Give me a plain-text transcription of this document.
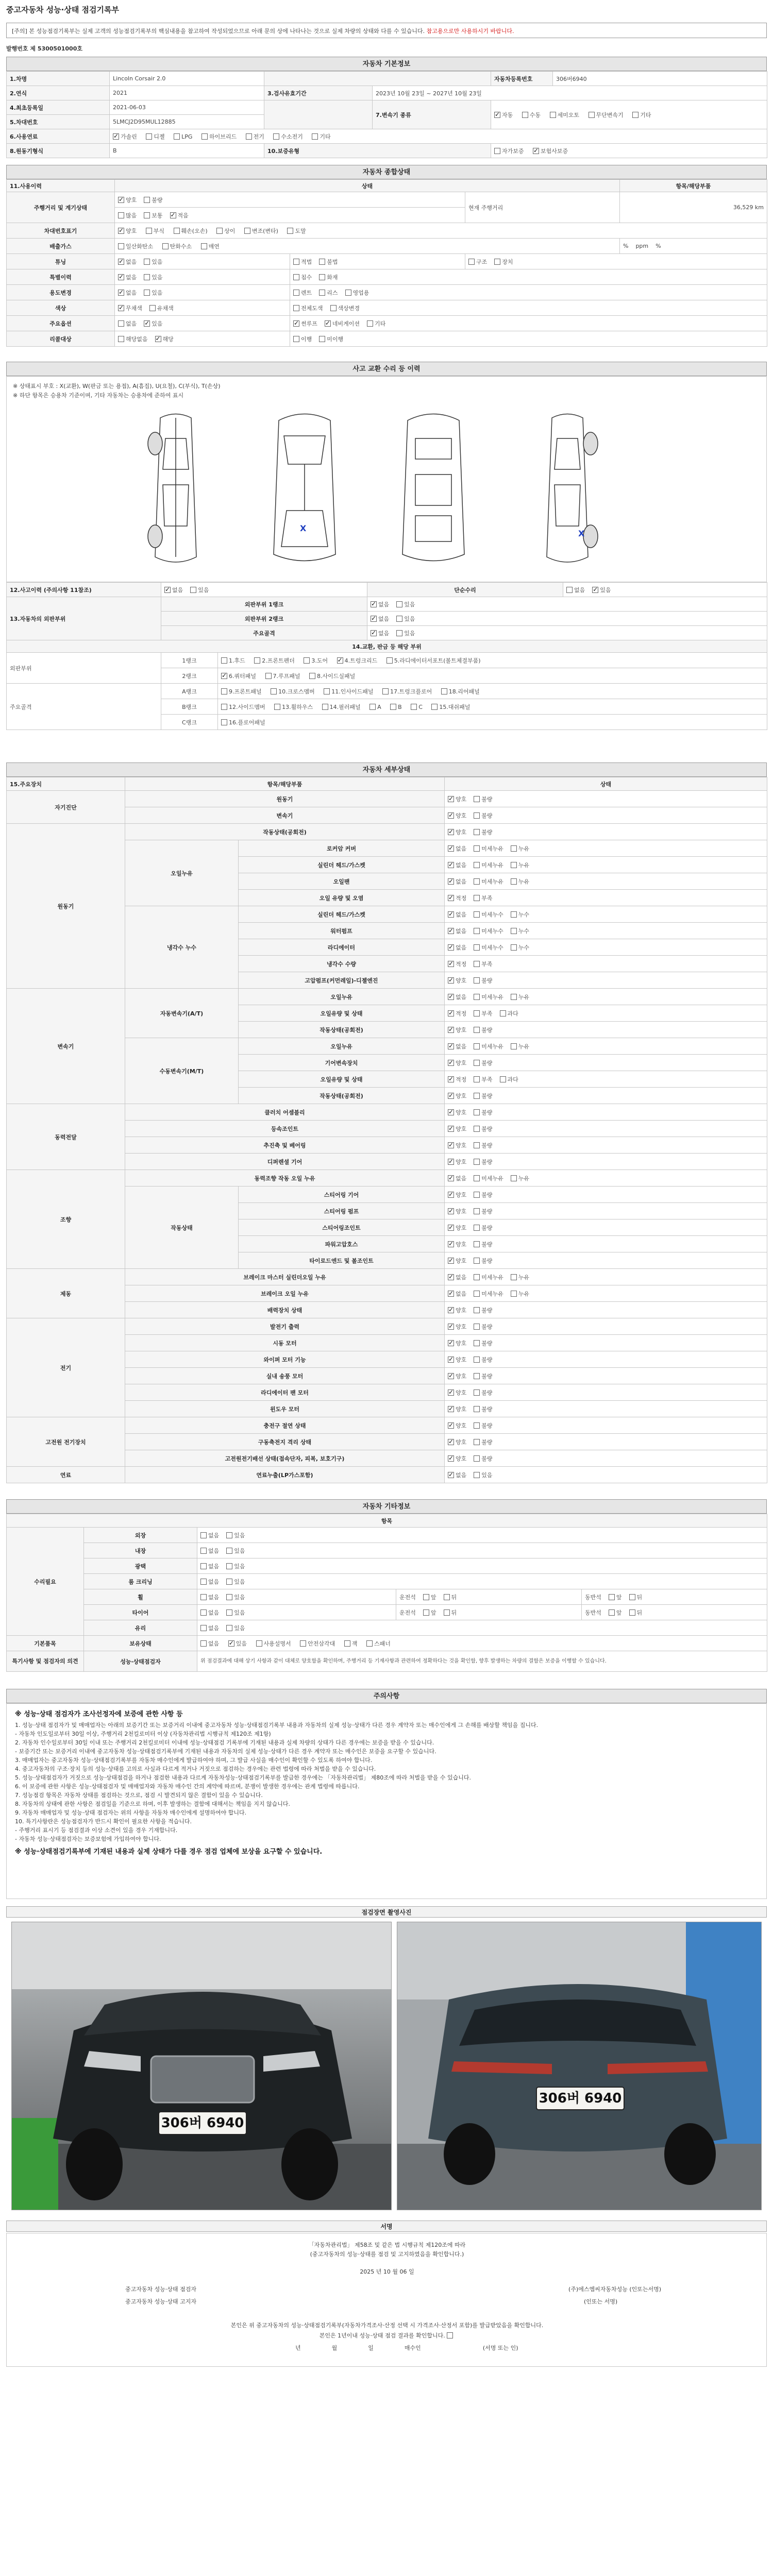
중고자동차 성능·상태 점검기록부
[주의] 본 성능점검기록부는 실제 고객의 성능점검기록부의 핵심내용을 참고하여 작성되었으므로 아래 문의 상에 나타나는 것으로 실제 차량의 상태와 다를 수 있습니다. 참고용으로만 사용하시기 바랍니다.
발행번호 제 5300501000호
자동차 기본정보
1.차명	Lincoln Corsair 2.0			자동차등록번호	306버6940
2.연식	2021	3.검사유효기간	2023년 10월 23일 ~ 2027년 10월 23일		
4.최초등록일	2021-06-03		7.변속기 종류	✓자동 수동 세미오토 무단변속기 기타
5.차대번호	5LMCJ2D95MUL12885				
6.사용연료	✓가솔린 디젤 LPG 하이브리드 전기 수소전기 기타
8.원동기형식	B	10.보증유형		자가보증 ✓ 보험사보증
자동차 종합상태
11.사용이력	상태			항목/해당부품
주행거리 및 계기상태	✓양호 불량		현재 주행거리	36,529 km
	많음 보통 ✓ 적음
차대번호표기	✓양호 부식 훼손(오손) 상이 변조(변타) 도말
배출가스	일산화탄소 탄화수소 매연			% ppm %
튜닝	✓없음 있음	적법 불법	구조 장치	
특별이력	✓없음 있음	침수 화재		
용도변경	✓없음 있음	렌트 리스 영업용		
색상	✓무채색 유채색	전체도색 색상변경		
주요옵션	없음 ✓ 있음	✓썬루프 ✓ 네비게이션 기타
리콜대상	해당없음 ✓ 해당	이행 미이행		
사고 교환 수리 등 이력
※ 상태표시 부호 : X(교환), W(판금 또는 용접), A(흠집), U(요철), C(부식), T(손상)
※ 하단 항목은 승용차 기준이며, 기타 자동차는 승용차에 준하여 표시
X
X
12.사고이력 (주의사항 11참조)	✓없음 있음		단순수리	없음 ✓ 있음
13.자동차의 외판부위	외판부위 1랭크	✓없음 있음
	외판부위 2랭크	✓없음 있음
	주요골격	✓없음 있음
14.교환, 판금 등 해당 부위				
외판부위	1랭크	1.후드 2.프론트펜더 3.도어 ✓ 4.트렁크리드 5.라디에이터서포트(볼트체결부품)
	2랭크	✓6.쿼터패널 7.루프패널 8.사이드실패널
주요골격	A랭크	9.프론트패널 10.크로스멤버 11.인사이드패널 17.트렁크플로어 18.리어패널		
	B랭크	12.사이드멤버 13.휠하우스 14.필러패널 A B C 15.대쉬패널		
	C랭크	16.플로어패널		
자동차 세부상태
15.주요장치	항목/해당부품		상태
자기진단	원동기	✓양호 불량
	변속기	✓양호 불량
원동기	작동상태(공회전)	✓양호 불량
	오일누유	로커암 커버	✓없음 미세누유 누유
		실린더 헤드/가스켓	✓없음 미세누유 누유
		오일팬	✓없음 미세누유 누유
		오일 유량 및 오염	✓적정 부족
	냉각수 누수	실린더 헤드/가스켓	✓없음 미세누수 누수
		워터펌프	✓없음 미세누수 누수
		라디에이터	✓없음 미세누수 누수
		냉각수 수량	✓적정 부족
		고압펌프(커먼레일)-디젤엔진	✓양호 불량
변속기	자동변속기(A/T)	오일누유	✓없음 미세누유 누유
		오일유량 및 상태	✓적정 부족 과다
		작동상태(공회전)	✓양호 불량
	수동변속기(M/T)	오일누유	✓없음 미세누유 누유
		기어변속장치	✓양호 불량
		오일유량 및 상태	✓적정 부족 과다
		작동상태(공회전)	✓양호 불량
동력전달	클러치 어셈블리	✓양호 불량
	등속조인트	✓양호 불량
	추진축 및 베어링	✓양호 불량
	디퍼렌셜 기어	✓양호 불량
조향	동력조향 작동 오일 누유	✓없음 미세누유 누유
	작동상태	스티어링 기어	✓양호 불량
		스티어링 펌프	✓양호 불량
		스티어링조인트	✓양호 불량
		파워고압호스	✓양호 불량
		타이로드엔드 및 볼조인트	✓양호 불량
제동	브레이크 마스터 실린더오일 누유	✓없음 미세누유 누유
	브레이크 오일 누유	✓없음 미세누유 누유
	배력장치 상태	✓양호 불량
전기	발전기 출력	✓양호 불량
	시동 모터	✓양호 불량
	와이퍼 모터 기능	✓양호 불량
	실내 송풍 모터	✓양호 불량
	라디에이터 팬 모터	✓양호 불량
	윈도우 모터	✓양호 불량
고전원 전기장치	충전구 절연 상태	✓양호 불량
	구동축전지 격리 상태	✓양호 불량
	고전원전기배선 상태(접속단자, 피복, 보호기구)	✓양호 불량
연료	연료누출(LP가스포함)	✓없음 있음
자동차 기타정보
항목				
수리필요	외장	없음 있음		
	내장	없음 있음		
	광택	없음 있음		
	룸 크리닝	없음 있음		
	휠	없음 있음	운전석 앞 뒤	동반석 앞 뒤
	타이어	없음 있음	운전석 앞 뒤	동반석 앞 뒤
	유리	없음 있음		
기본품목	보유상태	없음 ✓ 있음 사용설명서 안전삼각대 잭 스패너
특기사항 및 점검자의 의견	성능·상태점검자	위 점검결과에 대해 상기 사항과 같이 대체로 양호함을 확인하며, 주행거리 등 기재사항과 관련하여 정확하다는 것을 확인함, 향후 발생하는 차량의 결함은 보증을 이행할 수 있습니다.		
주의사항
※ 성능·상태 점검자가 조사선정자에 보증에 관한 사항 등
1. 성능·상태 점검자가 및 매매업자는 아래의 보증기간 또는 보증거리 이내에 중고자동차 성능·상태점검기록부 내용과 자동차의 실제 성능·상태가 다른 경우 계약자 또는 매수인에게 그 손해를 배상할 책임을 집니다.
- 자동차 인도일로부터 30일 이상, 주행거리 2천킬로미터 이상 (자동차관리법 시행규칙 제120조 제1항)
2. 자동차 인수일로부터 30일 이내 또는 주행거리 2천킬로미터 이내에 성능·상태점검 기록부에 기재된 내용과 실제 차량의 상태가 다른 경우에는 보증을 받을 수 있습니다.
- 보증기간 또는 보증거리 이내에 중고자동차 성능·상태점검기록부에 기재된 내용과 자동차의 실제 성능·상태가 다른 경우 계약자 또는 매수인은 보증을 요구할 수 있습니다.
3. 매매업자는 중고자동차 성능·상태점검기록부를 자동차 매수인에게 발급하여야 하며, 그 발급 사실을 매수인이 확인할 수 있도록 하여야 합니다.
4. 중고자동차의 구조·장치 등의 성능·상태를 고의로 사실과 다르게 적거나 거짓으로 점검하는 경우에는 관련 법령에 따라 처벌을 받을 수 있습니다.
5. 성능·상태점검자가 거짓으로 성능·상태점검을 하거나 점검한 내용과 다르게 자동차성능·상태점검기록부를 발급한 경우에는 「자동차관리법」 제80조에 따라 처벌을 받을 수 있습니다.
6. 이 보증에 관한 사항은 성능·상태점검자 및 매매업자와 자동차 매수인 간의 계약에 따르며, 분쟁이 발생한 경우에는 관계 법령에 따릅니다.
7. 성능점검 항목은 자동차 상태를 점검하는 것으로, 점검 시 발견되지 않은 결함이 있을 수 있습니다.
8. 자동차의 상태에 관한 사항은 점검일을 기준으로 하며, 이후 발생하는 결함에 대해서는 책임을 지지 않습니다.
9. 자동차 매매업자 및 성능·상태 점검자는 위의 사항을 자동차 매수인에게 설명하여야 합니다.
10. 특기사항란은 성능점검자가 반드시 확인이 필요한 사항을 적습니다.
- 주행거리 표시기 등 점검결과 이상 소견이 있을 경우 기재합니다.
- 자동차 성능·상태점검자는 보증보험에 가입하여야 합니다.
※ 성능·상태점검기록부에 기재된 내용과 실제 상태가 다를 경우 점검 업체에 보상을 요구할 수 있습니다.
점검장면 촬영사진
306버 6940
306버 6940
서명
「자동차관리법」 제58조 및 같은 법 시행규칙 제120조에 따라
(중고자동차의 성능·상태를 점검 및 고지하였음을 확인합니다.)
2025 년 10 월 06 일
중고자동차 성능·상태 점검자	(주)에스엠씨자동차성능 (인또는서명)
중고자동차 성능·상태 고지자	(인또는 서명)
본인은 위 중고자동차의 성능·상태점검기록부(자동차가격조사·산정 선택 시 가격조사·산정서 포함)를 발급받았음을 확인합니다.
본인은 1년이내 성능·상태 점검 결과를 확인합니다.
년	월	일	매수인	(서명 또는 인)
